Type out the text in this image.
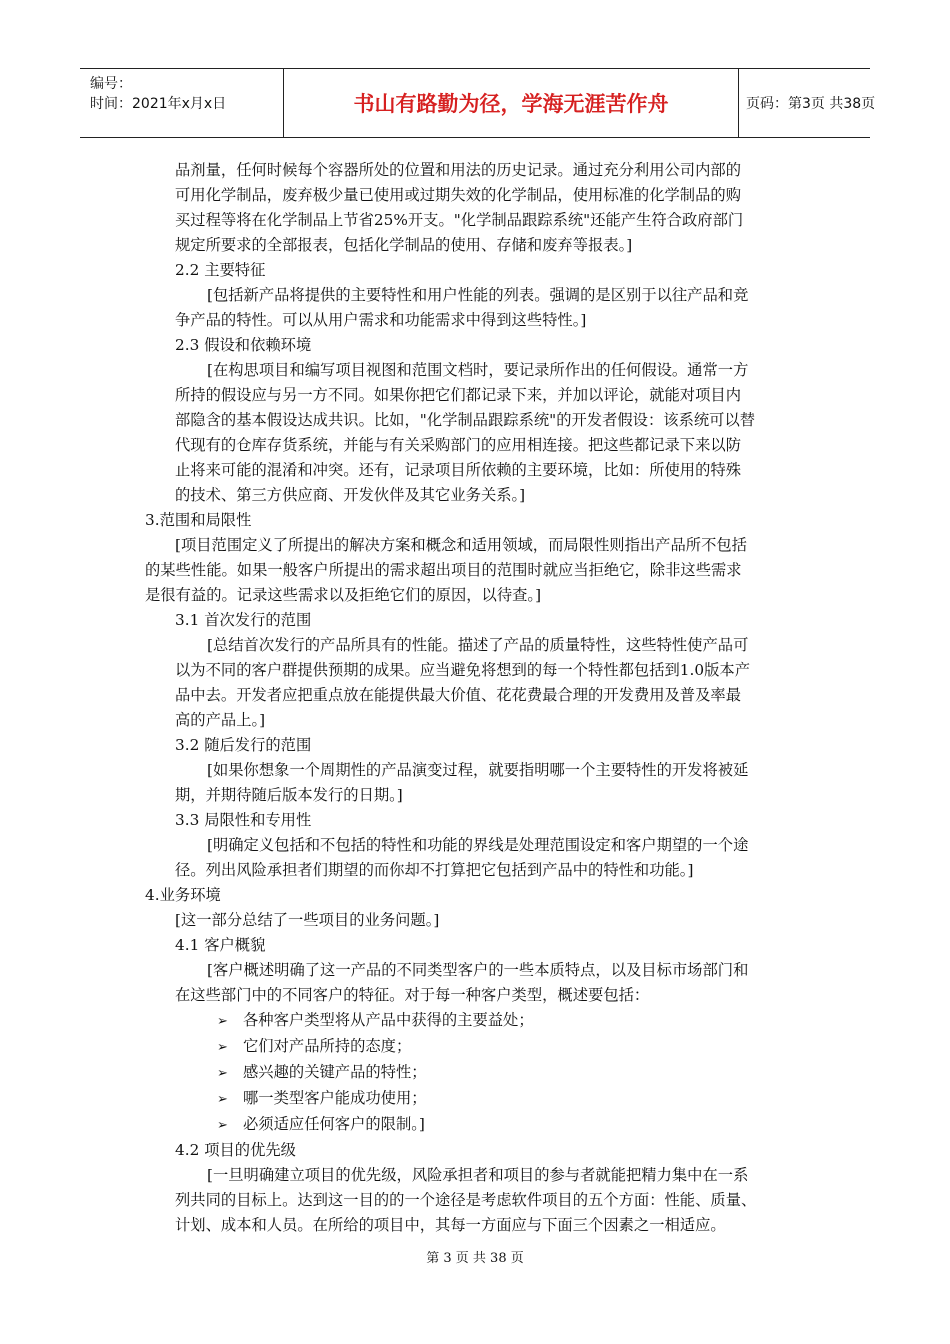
编号：
时间：2021年x月x日	书山有路勤为径，学海无涯苦作舟	页码：第3页 共38页

品剂量，任何时候每个容器所处的位置和用法的历史记录。通过充分利用公司内部的

可用化学制品，废弃极少量已使用或过期失效的化学制品，使用标准的化学制品的购

买过程等将在化学制品上节省25%开支。"化学制品跟踪系统"还能产生符合政府部门

规定所要求的全部报表，包括化学制品的使用、存储和废弃等报表。]

2.2 主要特征

[包括新产品将提供的主要特性和用户性能的列表。强调的是区别于以往产品和竞

争产品的特性。可以从用户需求和功能需求中得到这些特性。]

2.3 假设和依赖环境

[在构思项目和编写项目视图和范围文档时，要记录所作出的任何假设。通常一方

所持的假设应与另一方不同。如果你把它们都记录下来，并加以评论，就能对项目内

部隐含的基本假设达成共识。比如，"化学制品跟踪系统"的开发者假设：该系统可以替

代现有的仓库存货系统，并能与有关采购部门的应用相连接。把这些都记录下来以防

止将来可能的混淆和冲突。还有，记录项目所依赖的主要环境，比如：所使用的特殊

的技术、第三方供应商、开发伙伴及其它业务关系。]

3.范围和局限性

[项目范围定义了所提出的解决方案和概念和适用领域，而局限性则指出产品所不包括

的某些性能。如果一般客户所提出的需求超出项目的范围时就应当拒绝它，除非这些需求

是很有益的。记录这些需求以及拒绝它们的原因，以待查。]

3.1 首次发行的范围

[总结首次发行的产品所具有的性能。描述了产品的质量特性，这些特性使产品可

以为不同的客户群提供预期的成果。应当避免将想到的每一个特性都包括到1.0版本产

品中去。开发者应把重点放在能提供最大价值、花花费最合理的开发费用及普及率最

高的产品上。]

3.2 随后发行的范围

[如果你想象一个周期性的产品演变过程，就要指明哪一个主要特性的开发将被延

期，并期待随后版本发行的日期。]

3.3 局限性和专用性

[明确定义包括和不包括的特性和功能的界线是处理范围设定和客户期望的一个途

径。列出风险承担者们期望的而你却不打算把它包括到产品中的特性和功能。]

4.业务环境

[这一部分总结了一些项目的业务问题。]

4.1 客户概貌

[客户概述明确了这一产品的不同类型客户的一些本质特点，以及目标市场部门和

在这些部门中的不同客户的特征。对于每一种客户类型，概述要包括：

➢ 各种客户类型将从产品中获得的主要益处；
➢ 它们对产品所持的态度；
➢ 感兴趣的关键产品的特性；
➢ 哪一类型客户能成功使用；
➢ 必须适应任何客户的限制。]
4.2 项目的优先级

[一旦明确建立项目的优先级，风险承担者和项目的参与者就能把精力集中在一系

列共同的目标上。达到这一目的的一个途径是考虑软件项目的五个方面：性能、质量、

计划、成本和人员。在所给的项目中，其每一方面应与下面三个因素之一相适应。

第 3 页 共 38 页
